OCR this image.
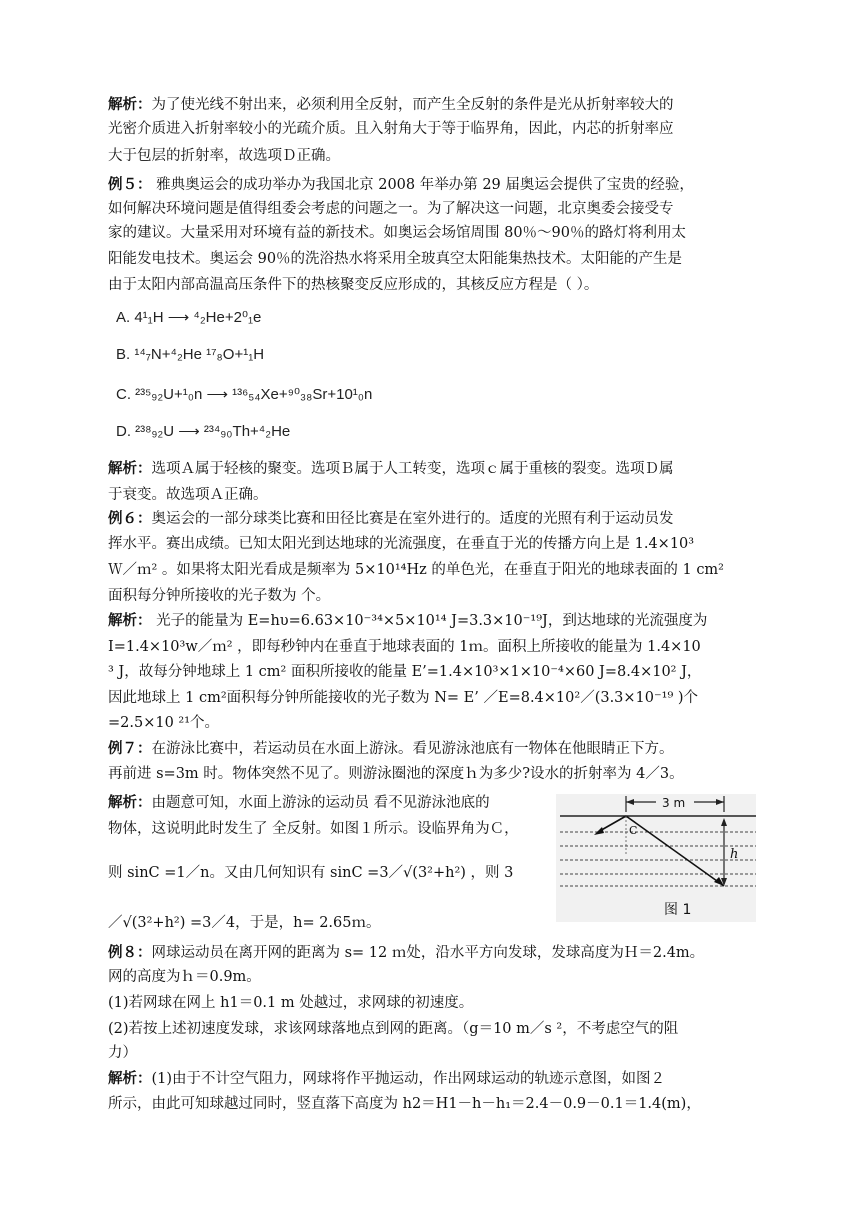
解析：为了使光线不射出来，必须利用全反射，而产生全反射的条件是光从折射率较大的
光密介质进入折射率较小的光疏介质。且入射角大于等于临界角，因此，内芯的折射率应
大于包层的折射率，故选项Ｄ正确。
例５： 雅典奥运会的成功举办为我国北京 2008 年举办第 29 届奥运会提供了宝贵的经验，
如何解决环境问题是值得组委会考虑的问题之一。为了解决这一问题，北京奥委会接受专
家的建议。大量采用对环境有益的新技术。如奥运会场馆周围 80％～90％的路灯将利用太
阳能发电技术。奥运会 90％的洗浴热水将采用全玻真空太阳能集热技术。太阳能的产生是
由于太阳内部高温高压条件下的热核聚变反应形成的，其核反应方程是（ ）。
A. 4¹₁H ⟶ ⁴₂He+2⁰₁e
B. ¹⁴₇N+⁴₂He ¹⁷₈O+¹₁H
C. ²³⁵₉₂U+¹₀n ⟶ ¹³⁶₅₄Xe+⁹⁰₃₈Sr+10¹₀n
D. ²³⁸₉₂U ⟶ ²³⁴₉₀Th+⁴₂He
解析：选项Ａ属于轻核的聚变。选项Ｂ属于人工转变，选项ｃ属于重核的裂变。选项Ｄ属
于衰变。故选项Ａ正确。
例６：奥运会的一部分球类比赛和田径比赛是在室外进行的。适度的光照有利于运动员发
挥水平。赛出成绩。已知太阳光到达地球的光流强度，在垂直于光的传播方向上是 1.4×10³
Ｗ／ｍ² 。如果将太阳光看成是频率为 5×10¹⁴Hz 的单色光，在垂直于阳光的地球表面的 1 cm²
面积每分钟所接收的光子数为 个。
解析： 光子的能量为 E=hυ=6.63×10⁻³⁴×5×10¹⁴ J=3.3×10⁻¹⁹J，到达地球的光流强度为
I=1.4×10³w／ｍ² ，即每秒钟内在垂直于地球表面的 1ｍ。面积上所接收的能量为 1.4×10
³ J，故每分钟地球上 1 cm² 面积所接收的能量 E’=1.4×10³×1×10⁻⁴×60 J=8.4×10² J，
因此地球上 1 cm²面积每分钟所能接收的光子数为 N= E’ ／E=8.4×10²／(3.3×10⁻¹⁹ )个
=2.5×10 ²¹个。
例７：在游泳比赛中，若运动员在水面上游泳。看见游泳池底有一物体在他眼睛正下方。
再前进 s=3m 时。物体突然不见了。则游泳圈池的深度ｈ为多少?设水的折射率为 4／3。
解析：由题意可知，水面上游泳的运动员 看不见游泳池底的
物体，这说明此时发生了 全反射。如图１所示。设临界角为Ｃ，
则 sinC =1／n。又由几何知识有 sinC =3／√(3²+h²) ，则 3
／√(3²+h²) =3／4，于是，h= 2.65ｍ。
3 m
C
h
图 1
例８：网球运动员在离开网的距离为 s= 12 ｍ处，沿水平方向发球，发球高度为Ｈ＝2.4m。
网的高度为ｈ＝0.9m。
(1)若网球在网上 h1＝0.1 m 处越过，求网球的初速度。
(2)若按上述初速度发球，求该网球落地点到网的距离。（g＝10 m／s ²，不考虑空气的阻
力）
解析：(1)由于不计空气阻力，网球将作平抛运动，作出网球运动的轨迹示意图，如图２
所示，由此可知球越过同时，竖直落下高度为 h2＝H1－h－h₁＝2.4－0.9－0.1＝1.4(m)，
